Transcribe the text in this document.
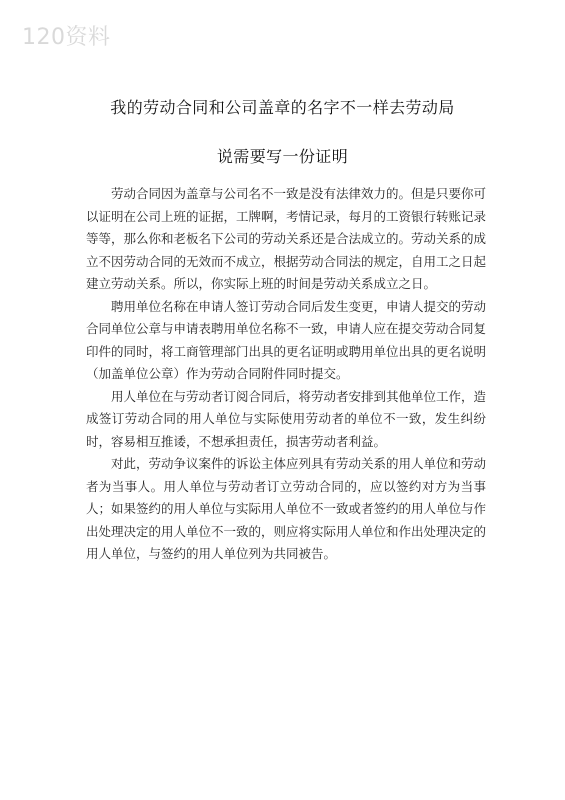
120资料
我的劳动合同和公司盖章的名字不一样去劳动局
说需要写一份证明

劳动合同因为盖章与公司名不一致是没有法律效力的。但是只要你可以证明在公司上班的证据，工牌啊，考情记录，每月的工资银行转账记录等等，那么你和老板名下公司的劳动关系还是合法成立的。劳动关系的成立不因劳动合同的无效而不成立，根据劳动合同法的规定，自用工之日起建立劳动关系。所以，你实际上班的时间是劳动关系成立之日。

聘用单位名称在申请人签订劳动合同后发生变更，申请人提交的劳动合同单位公章与申请表聘用单位名称不一致，申请人应在提交劳动合同复印件的同时，将工商管理部门出具的更名证明或聘用单位出具的更名说明（加盖单位公章）作为劳动合同附件同时提交。

用人单位在与劳动者订阅合同后，将劳动者安排到其他单位工作，造成签订劳动合同的用人单位与实际使用劳动者的单位不一致，发生纠纷时，容易相互推诿，不想承担责任，损害劳动者利益。

对此，劳动争议案件的诉讼主体应列具有劳动关系的用人单位和劳动者为当事人。用人单位与劳动者订立劳动合同的，应以签约对方为当事人；如果签约的用人单位与实际用人单位不一致或者签约的用人单位与作出处理决定的用人单位不一致的，则应将实际用人单位和作出处理决定的用人单位，与签约的用人单位列为共同被告。
